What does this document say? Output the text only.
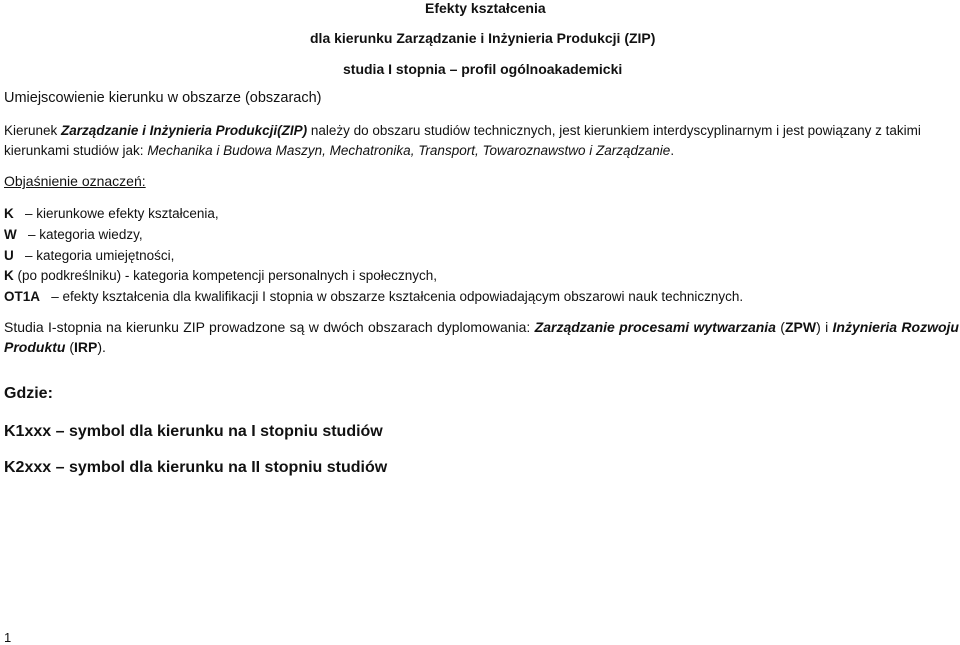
Efekty kształcenia
dla kierunku Zarządzanie i Inżynieria Produkcji (ZIP)
studia I stopnia – profil ogólnoakademicki
Umiejscowienie kierunku w obszarze (obszarach)
Kierunek Zarządzanie i Inżynieria Produkcji(ZIP) należy do obszaru studiów technicznych, jest kierunkiem interdyscyplinarnym i jest powiązany z takimi kierunkami studiów jak: Mechanika i Budowa Maszyn, Mechatronika, Transport, Towaroznawstwo i Zarządzanie.
Objaśnienie oznaczeń:
K – kierunkowe efekty kształcenia,
W – kategoria wiedzy,
U – kategoria umiejętności,
K (po podkreślniku) - kategoria kompetencji personalnych i społecznych,
OT1A – efekty kształcenia dla kwalifikacji I stopnia w obszarze kształcenia odpowiadającym obszarowi nauk technicznych.
Studia I-stopnia na kierunku ZIP prowadzone są w dwóch obszarach dyplomowania: Zarządzanie procesami wytwarzania (ZPW) i Inżynieria Rozwoju Produktu (IRP).
Gdzie:
K1xxx – symbol dla kierunku na I stopniu studiów
K2xxx – symbol dla kierunku na II stopniu studiów
1
